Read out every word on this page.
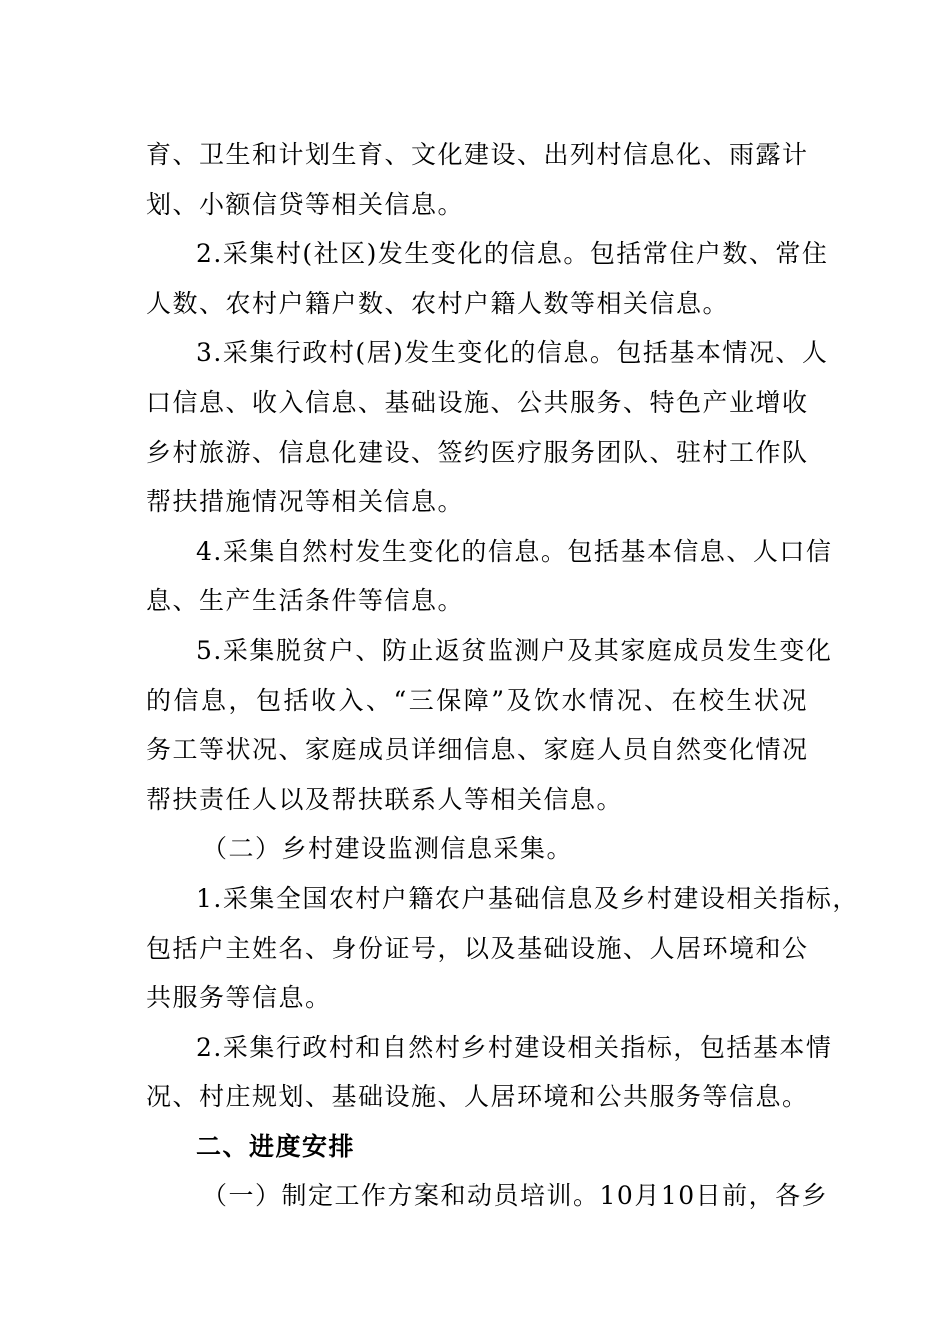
育、卫生和计划生育、文化建设、出列村信息化、雨露计
划、小额信贷等相关信息。
2.采集村(社区)发生变化的信息。包括常住户数、常住
人数、农村户籍户数、农村户籍人数等相关信息。
3.采集行政村(居)发生变化的信息。包括基本情况、人
口信息、收入信息、基础设施、公共服务、特色产业增收
乡村旅游、信息化建设、签约医疗服务团队、驻村工作队
帮扶措施情况等相关信息。
4.采集自然村发生变化的信息。包括基本信息、人口信
息、生产生活条件等信息。
5.采集脱贫户、防止返贫监测户及其家庭成员发生变化
的信息，包括收入、“三保障”及饮水情况、在校生状况
务工等状况、家庭成员详细信息、家庭人员自然变化情况
帮扶责任人以及帮扶联系人等相关信息。
（二）乡村建设监测信息采集。
1.采集全国农村户籍农户基础信息及乡村建设相关指标，
包括户主姓名、身份证号，以及基础设施、人居环境和公
共服务等信息。
2.采集行政村和自然村乡村建设相关指标，包括基本情
况、村庄规划、基础设施、人居环境和公共服务等信息。
二、进度安排
（一）制定工作方案和动员培训。10月10日前，各乡
